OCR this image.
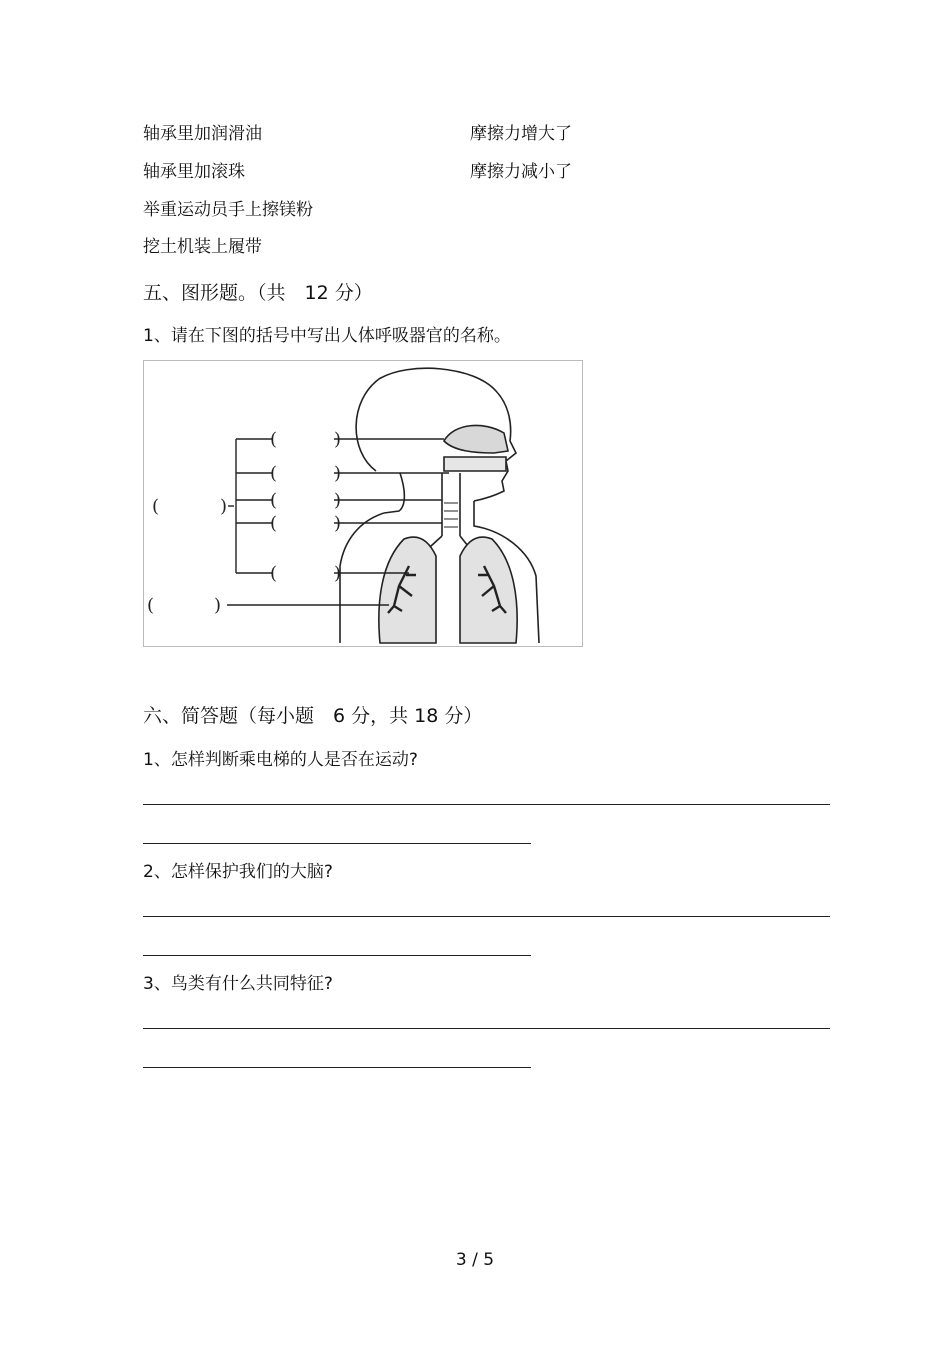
轴承里加润滑油	摩擦力增大了
轴承里加滚珠	摩擦力减小了
举重运动员手上擦镁粉
挖土机装上履带
五、图形题。（共　12 分）
1、请在下图的括号中写出人体呼吸器官的名称。
(	)
(	)
(	)
(	)
(	)
(	)
(	)
六、简答题（每小题　6 分，共 18 分）
1、怎样判断乘电梯的人是否在运动?
2、怎样保护我们的大脑?
3、鸟类有什么共同特征?
3 / 5
